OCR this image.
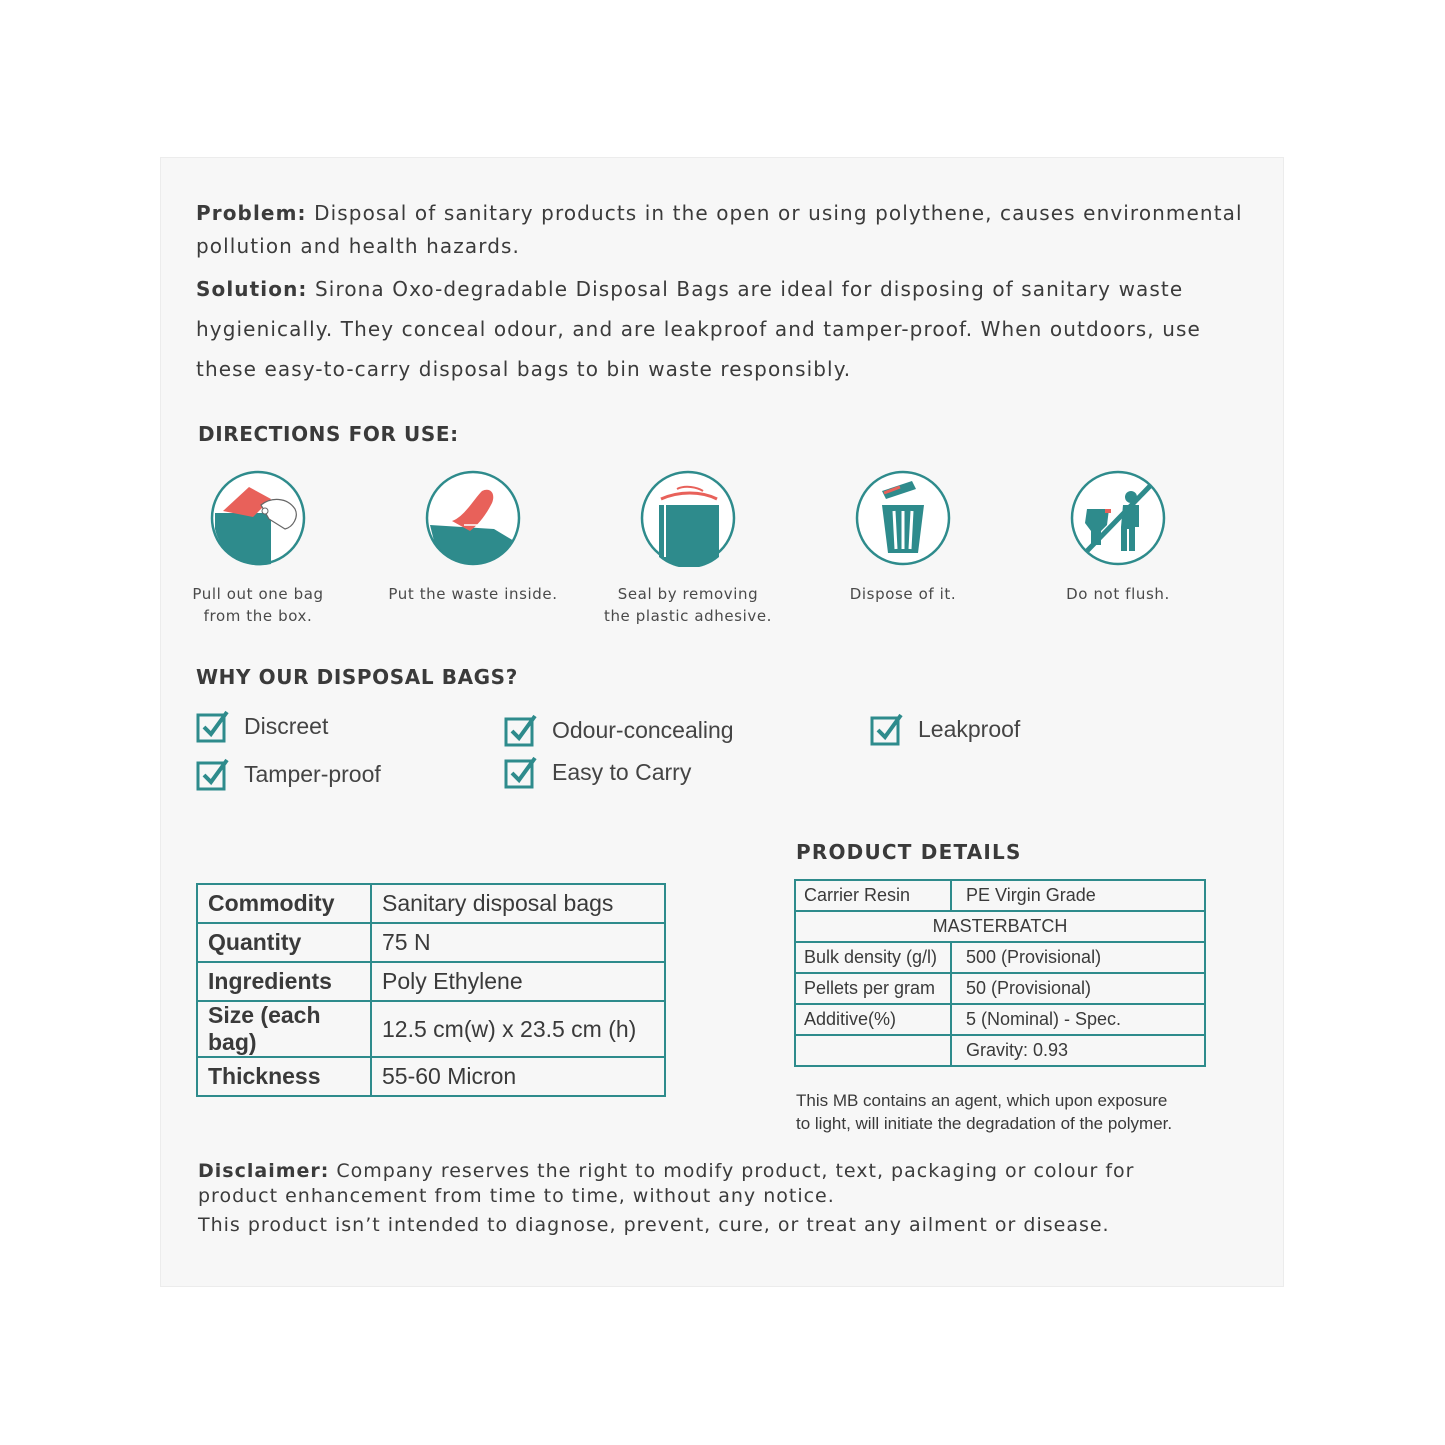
Problem: Disposal of sanitary products in the open or using polythene, causes environmental pollution and health hazards.

Solution: Sirona Oxo-degradable Disposal Bags are ideal for disposing of sanitary waste hygienically. They conceal odour, and are leakproof and tamper-proof. When outdoors, use these easy-to-carry disposal bags to bin waste responsibly.

DIRECTIONS FOR USE:
Pull out one bag
from the box.
Put the waste inside.	Seal by removing
the plastic adhesive.
Dispose of it.	Do not flush.
WHY OUR DISPOSAL BAGS?
Discreet
Tamper-proof
Odour-concealing
Easy to Carry
Leakproof
Commodity	Sanitary disposal bags
Quantity	75 N
Ingredients	Poly Ethylene
Size (each bag)	12.5 cm(w) x 23.5 cm (h)
Thickness	55-60 Micron
PRODUCT DETAILS
Carrier Resin	PE Virgin Grade
MASTERBATCH	
Bulk density (g/l)	500 (Provisional)
Pellets per gram	50 (Provisional)
Additive(%)	5 (Nominal) - Spec.
	Gravity: 0.93
This MB contains an agent, which upon exposure
to light, will initiate the degradation of the polymer.

Disclaimer: Company reserves the right to modify product, text, packaging or colour for product enhancement from time to time, without any notice.

This product isn’t intended to diagnose, prevent, cure, or treat any ailment or disease.
